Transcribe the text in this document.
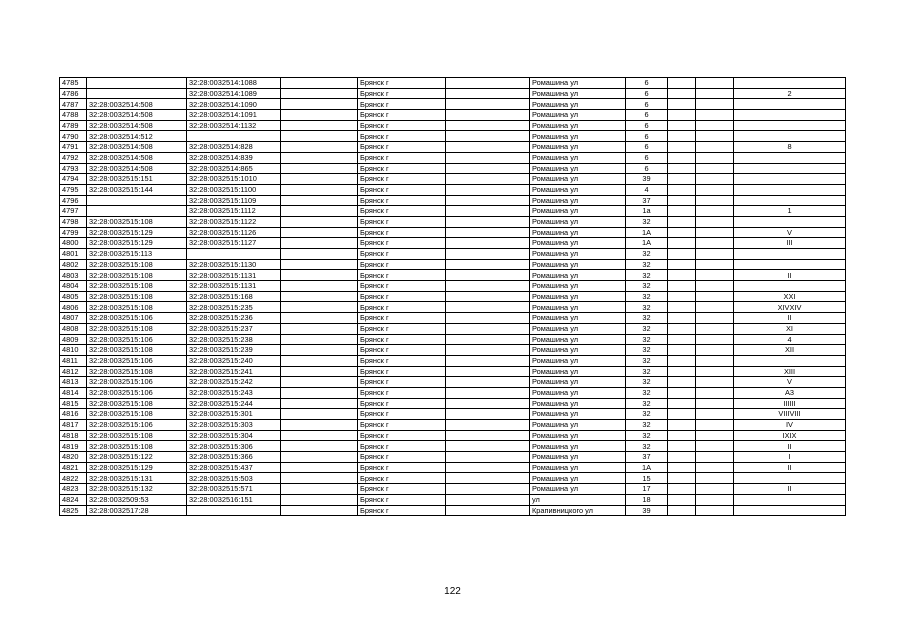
4785		32:28:0032514:1088		Брянск г		Ромашина ул	6			
4786		32:28:0032514:1089		Брянск г		Ромашина ул	6			2
4787	32:28:0032514:508	32:28:0032514:1090		Брянск г		Ромашина ул	6			
4788	32:28:0032514:508	32:28:0032514:1091		Брянск г		Ромашина ул	6			
4789	32:28:0032514:508	32:28:0032514:1132		Брянск г		Ромашина ул	6			
4790	32:28:0032514:512			Брянск г		Ромашина ул	6			
4791	32:28:0032514:508	32:28:0032514:828		Брянск г		Ромашина ул	6			8
4792	32:28:0032514:508	32:28:0032514:839		Брянск г		Ромашина ул	6			
4793	32:28:0032514:508	32:28:0032514:865		Брянск г		Ромашина ул	6			
4794	32:28:0032515:151	32:28:0032515:1010		Брянск г		Ромашина ул	39			
4795	32:28:0032515:144	32:28:0032515:1100		Брянск г		Ромашина ул	4			
4796		32:28:0032515:1109		Брянск г		Ромашина ул	37			
4797		32:28:0032515:1112		Брянск г		Ромашина ул	1а			1
4798	32:28:0032515:108	32:28:0032515:1122		Брянск г		Ромашина ул	32			
4799	32:28:0032515:129	32:28:0032515:1126		Брянск г		Ромашина ул	1А			V
4800	32:28:0032515:129	32:28:0032515:1127		Брянск г		Ромашина ул	1А			III
4801	32:28:0032515:113			Брянск г		Ромашина ул	32			
4802	32:28:0032515:108	32:28:0032515:1130		Брянск г		Ромашина ул	32			
4803	32:28:0032515:108	32:28:0032515:1131		Брянск г		Ромашина ул	32			II
4804	32:28:0032515:108	32:28:0032515:1131		Брянск г		Ромашина ул	32			
4805	32:28:0032515:108	32:28:0032515:168		Брянск г		Ромашина ул	32			XXI
4806	32:28:0032515:108	32:28:0032515:235		Брянск г		Ромашина ул	32			XIVXIV
4807	32:28:0032515:106	32:28:0032515:236		Брянск г		Ромашина ул	32			II
4808	32:28:0032515:108	32:28:0032515:237		Брянск г		Ромашина ул	32			XI
4809	32:28:0032515:106	32:28:0032515:238		Брянск г		Ромашина ул	32			4
4810	32:28:0032515:108	32:28:0032515:239		Брянск г		Ромашина ул	32			XII
4811	32:28:0032515:106	32:28:0032515:240		Брянск г		Ромашина ул	32			
4812	32:28:0032515:108	32:28:0032515:241		Брянск г		Ромашина ул	32			XIII
4813	32:28:0032515:106	32:28:0032515:242		Брянск г		Ромашина ул	32			V
4814	32:28:0032515:106	32:28:0032515:243		Брянск г		Ромашина ул	32			A3
4815	32:28:0032515:108	32:28:0032515:244		Брянск г		Ромашина ул	32			IIIIII
4816	32:28:0032515:108	32:28:0032515:301		Брянск г		Ромашина ул	32			VIIIVIII
4817	32:28:0032515:106	32:28:0032515:303		Брянск г		Ромашина ул	32			IV
4818	32:28:0032515:108	32:28:0032515:304		Брянск г		Ромашина ул	32			IXIX
4819	32:28:0032515:108	32:28:0032515:306		Брянск г		Ромашина ул	32			II
4820	32:28:0032515:122	32:28:0032515:366		Брянск г		Ромашина ул	37			I
4821	32:28:0032515:129	32:28:0032515:437		Брянск г		Ромашина ул	1А			II
4822	32:28:0032515:131	32:28:0032515:503		Брянск г		Ромашина ул	15			
4823	32:28:0032515:132	32:28:0032515:571		Брянск г		Ромашина ул	17			II
4824	32:28:0032509:53	32:28:0032516:151		Брянск г		ул	18			
4825	32:28:0032517:28			Брянск г		Крапивницкого ул	39			
122
